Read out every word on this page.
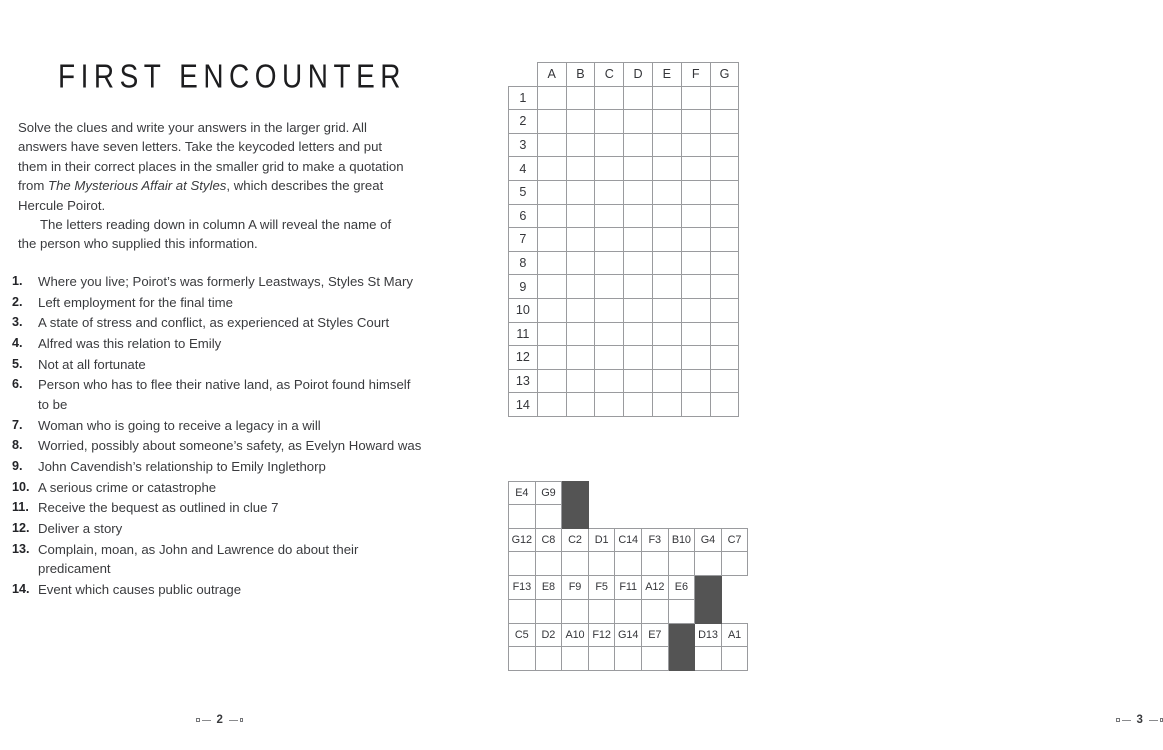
FIRST ENCOUNTER

Solve the clues and write your answers in the larger grid. All answers have seven letters. Take the keycoded letters and put them in their correct places in the smaller grid to make a quotation from The Mysterious Affair at Styles, which describes the great Hercule Poirot.

The letters reading down in column A will reveal the name of the person who supplied this information.

1.	Where you live; Poirot’s was formerly Leastways, Styles St Mary
2.	Left employment for the final time
3.	A state of stress and conflict, as experienced at Styles Court
4.	Alfred was this relation to Emily
5.	Not at all fortunate
6.	Person who has to flee their native land, as Poirot found himself to be
7.	Woman who is going to receive a legacy in a will
8.	Worried, possibly about someone’s safety, as Evelyn Howard was
9.	John Cavendish’s relationship to Emily Inglethorp
10. A serious crime or catastrophe
11. Receive the bequest as outlined in clue 7
12. Deliver a story
13. Complain, moan, as John and Lawrence do about their predicament
14. Event which causes public outrage
2
	A	B	C	D	E	F	G
1							
2							
3							
4							
5							
6							
7							
8							
9							
10							
11							
12							
13							
14							
E4	G9							

G12	C8	C2	D1	C14	F3	B10	G4	C7

F13	E8	F9	F5	F11	A12	E6		

C5	D2	A10	F12	G14	E7		D13	A1

3
